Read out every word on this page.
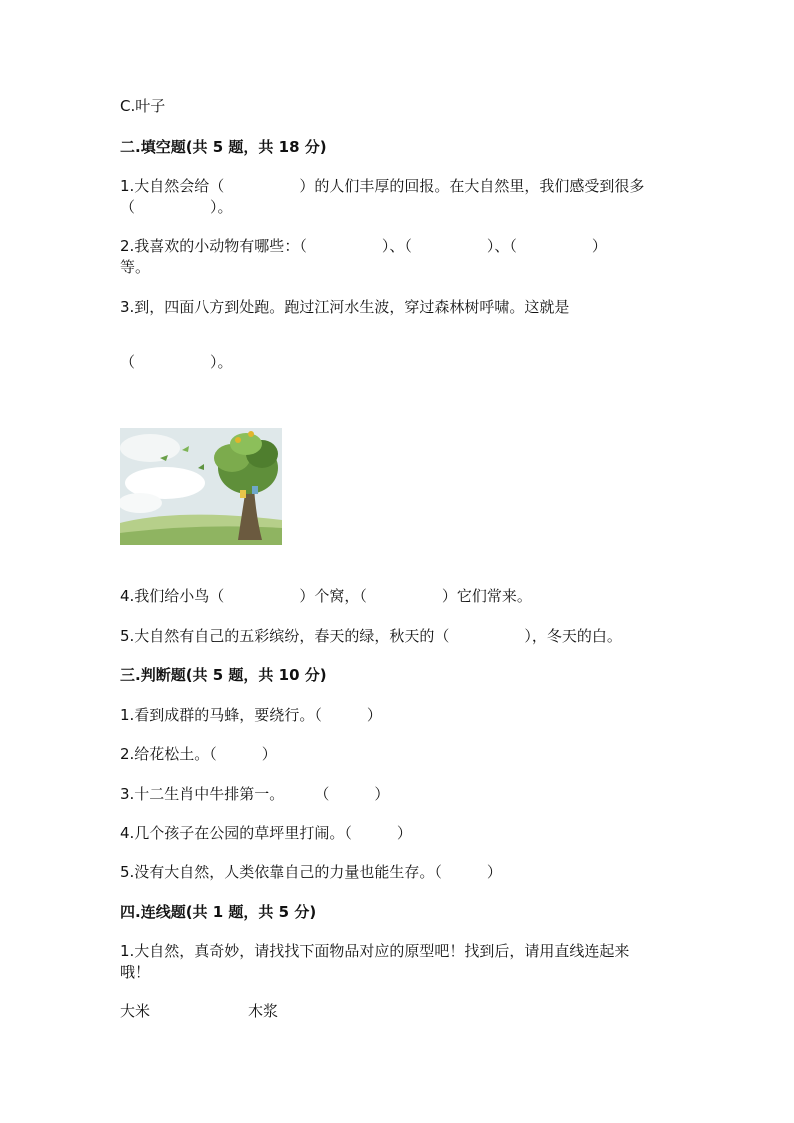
C.叶子
二.填空题(共 5 题，共 18 分)
1.大自然会给（　　　　　）的人们丰厚的回报。在大自然里，我们感受到很多
（　　　　　）。
2.我喜欢的小动物有哪些：（　　　　　）、（　　　　　）、（　　　　　）
等。
3.到，四面八方到处跑。跑过江河水生波，穿过森林树呼啸。这就是
（　　　　　）。
4.我们给小鸟（　　　　　）个窝，（　　　　　）它们常来。
5.大自然有自己的五彩缤纷，春天的绿，秋天的（　　　　　），冬天的白。
三.判断题(共 5 题，共 10 分)
1.看到成群的马蜂，要绕行。（　　　）
2.给花松土。（　　　）
3.十二生肖中牛排第一。　　　（　　　）
4.几个孩子在公园的草坪里打闹。（　　　）
5.没有大自然，人类依靠自己的力量也能生存。（　　　）
四.连线题(共 1 题，共 5 分)
1.大自然，真奇妙，请找找下面物品对应的原型吧！找到后，请用直线连起来
哦！
大米	木浆
